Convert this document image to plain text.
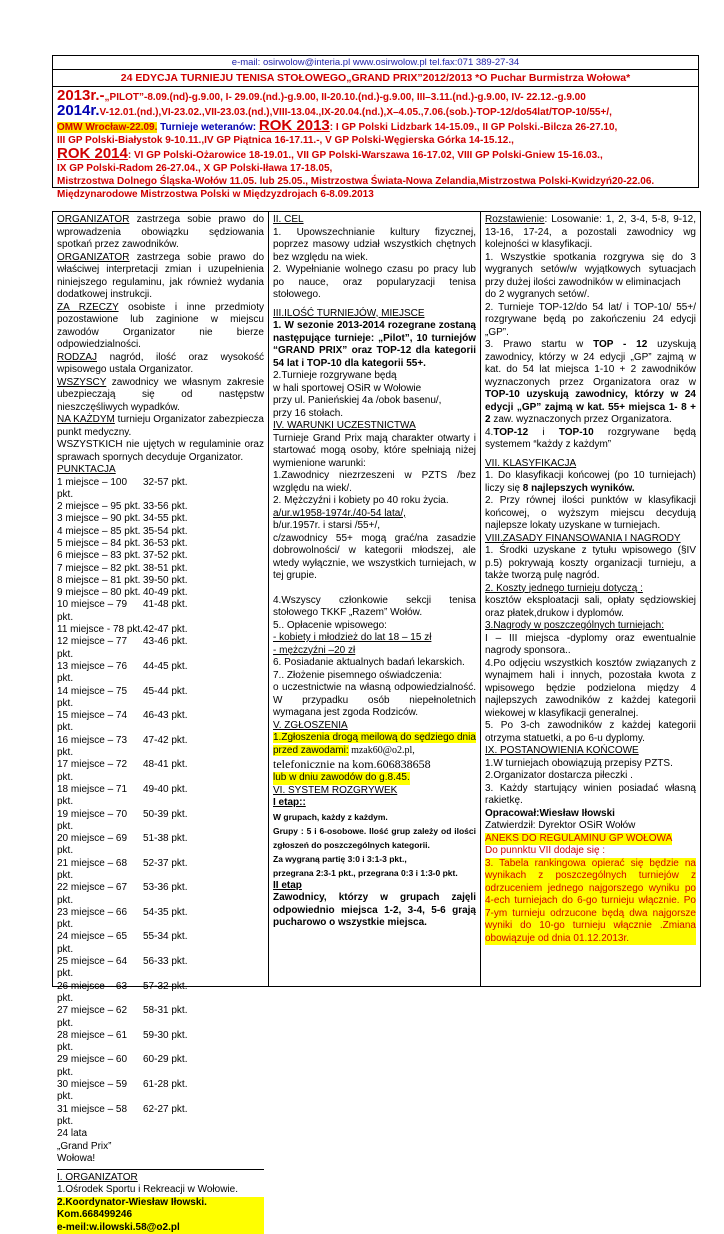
e-mail: osirwolow@interia.pl www.osirwolow.pl tel.fax:071 389-27-34
24 EDYCJA TURNIEJU TENISA STOŁOWEGO„GRAND PRIX”2012/2013 *O Puchar Burmistrza Wołowa*
2013r.-„PILOT”-8.09.(nd)-g.9.00, I- 29.09.(nd.)-g.9.00, II-20.10.(nd.)-g.9.00, III–3.11.(nd.)-g.9.00, IV- 22.12.-g.9.00
2014r.V-12.01.(nd.),VI-23.02.,VII-23.03.(nd.),VIII-13.04.,IX-20.04.(nd.),X–4.05.,7.06.(sob.)-TOP-12/do54lat/TOP-10/55+/,
OMW Wrocław-22.09. Turnieje weteranów: ROK 2013: I GP Polski Lidzbark 14-15.09., II GP Polski.-Bilcza 26-27.10,
III GP Polski-Białystok 9-10.11.,IV GP Piątnica 16-17.11.-, V GP Polski-Węgierska Górka 14-15.12.,
ROK 2014: VI GP Polski-Ożarowice 18-19.01., VII GP Polski-Warszawa 16-17.02, VIII GP Polski-Gniew 15-16.03.,
IX GP Polski-Radom 26-27.04., X GP Polski-Iława 17-18.05,
Mistrzostwa Dolnego Śląska-Wołów 11.05. lub 25.05., Mistrzostwa Świata-Nowa Zelandia,Mistrzostwa Polski-Kwidzyń20-22.06.
Międzynarodowe Mistrzostwa Polski w Międzyzdrojach 6-8.09.2013

ORGANIZATOR zastrzega sobie prawo do wprowadzenia obowiązku sędziowania spotkań przez zawodników.

ORGANIZATOR zastrzega sobie prawo do właściwej interpretacji zmian i uzupełnienia niniejszego regulaminu, jak również wydania dodatkowej instrukcji.

ZA RZECZY osobiste i inne przedmioty pozostawione lub zaginione w miejscu zawodów Organizator nie bierze odpowiedzialności.

RODZAJ nagród, ilość oraz wysokość wpisowego ustala Organizator.

WSZYSCY zawodnicy we własnym zakresie ubezpieczają się od następstw nieszczęśliwych wypadków.

NA KAŻDYM turnieju Organizator zabezpiecza punkt medyczny.

WSZYSTKICH nie ujętych w regulaminie oraz sprawach spornych decyduje Organizator.

PUNKTACJA
1 miejsce – 100 pkt.
32-57 pkt.
2 miejsce – 95 pkt. 33-56 pkt.
3 miejsce – 90 pkt. 34-55 pkt.
4 miejsce – 85 pkt. 35-54 pkt.
5 miejsce – 84 pkt. 36-53 pkt.
6 miejsce – 83 pkt. 37-52 pkt.
7 miejsce – 82 pkt. 38-51 pkt.
8 miejsce – 81 pkt. 39-50 pkt.
9 miejsce – 80 pkt. 40-49 pkt.
10 miejsce – 79 pkt.
41-48 pkt.
11 miejsce - 78 pkt. 42-47 pkt.
12 miejsce – 77 pkt.
43-46 pkt.
13 miejsce – 76 pkt.
44-45 pkt.
14 miejsce – 75 pkt.
45-44 pkt.
15 miejsce – 74 pkt.
46-43 pkt.
16 miejsce – 73 pkt.
47-42 pkt.
17 miejsce – 72 pkt.
48-41 pkt.
18 miejsce – 71 pkt.
49-40 pkt.
19 miejsce – 70 pkt.
50-39 pkt.
20 miejsce – 69 pkt.
51-38 pkt.
21 miejsce – 68 pkt.
52-37 pkt.
22 miejsce – 67 pkt.
53-36 pkt.
23 miejsce – 66 pkt.
54-35 pkt.
24 miejsce – 65 pkt.
55-34 pkt.
25 miejsce – 64 pkt.
56-33 pkt.
26 miejsce – 63 pkt.
57-32 pkt.
27 miejsce – 62 pkt.
58-31 pkt.
28 miejsce – 61 pkt.
59-30 pkt.
29 miejsce – 60 pkt.
60-29 pkt.
30 miejsce – 59 pkt.
61-28 pkt.
31 miejsce – 58 pkt.
62-27 pkt.
24 lata
„Grand Prix”
Wołowa!
I. ORGANIZATOR
1.Ośrodek Sportu i Rekreacji w Wołowie.
2.Koordynator-Wiesław Iłowski.
Kom.668499246
e-meil:w.ilowski.58@o2.pl
II. CEL

1. Upowszechnianie kultury fizycznej, poprzez masowy udział wszystkich chętnych bez względu na wiek.

2. Wypełnianie wolnego czasu po pracy lub po nauce, oraz popularyzacji tenisa stołowego.

III.ILOŚĆ TURNIEJÓW, MIEJSCE

1. W sezonie 2013-2014 rozegrane zostaną następujące turnieje: „Pilot”, 10 turniejów “GRAND PRIX” oraz TOP-12 dla kategorii 54 lat i TOP-10 dla kategorii 55+.

2.Turnieje rozgrywane będą
w hali sportowej OSiR w Wołowie
przy ul. Panieńskiej 4a /obok basenu/,
przy 16 stołach.
IV. WARUNKI UCZESTNICTWA

Turnieje Grand Prix mają charakter otwarty i startować mogą osoby, które spełniają niżej wymienione warunki:

1.Zawodnicy niezrzeszeni w PZTS /bez względu na wiek/.

2. Mężczyźni i kobiety po 40 roku życia.

a/ur.w1958-1974r./40-54 lata/,
b/ur.1957r. i starsi /55+/,

c/zawodnicy 55+ mogą grać/na zasadzie dobrowolności/ w kategorii młodszej, ale wtedy wyłącznie, we wszystkich turniejach, w tej grupie.

4.Wszyscy członkowie sekcji tenisa stołowego TKKF „Razem” Wołów.

5.. Opłacenie wpisowego:
- kobiety i młodzież do lat 18 – 15 zł
- mężczyźni –20 zł
6. Posiadanie aktualnych badań lekarskich.
7.. Złożenie pisemnego oświadczenia:

o uczestnictwie na własną odpowiedzialność. W przypadku osób niepełnoletnich wymagana jest zgoda Rodziców.

V. ZGŁOSZENIA
1.Zgłoszenia drogą meilową do sędziego dnia przed zawodami: mzak60@o2.pl,
telefonicznie na kom.606838658
lub w dniu zawodów do g.8.45.
VI. SYSTEM ROZGRYWEK
I etap::
W grupach, każdy z każdym.

Grupy : 5 i 6-osobowe. Ilość grup zależy od ilości zgłoszeń do poszczególnych kategorii.

Za wygraną partię 3:0 i 3:1-3 pkt.,
przegrana 2:3-1 pkt., przegrana 0:3 i 1:3-0 pkt.
II etap

Zawodnicy, którzy w grupach zajęli odpowiednio miejsca 1-2, 3-4, 5-6 grają pucharowo o wszystkie miejsca.

Rozstawienie: Losowanie: 1, 2, 3-4, 5-8, 9-12, 13-16, 17-24, a pozostali zawodnicy wg kolejności w klasyfikacji.

1. Wszystkie spotkania rozgrywa się do 3 wygranych setów/w wyjątkowych sytuacjach przy dużej ilości zawodników w eliminacjach

do 2 wygranych setów/.

2. Turnieje TOP-12/do 54 lat/ i TOP-10/ 55+/ rozgrywane będą po zakończeniu 24 edycji „GP”.

3. Prawo startu w TOP - 12 uzyskują zawodnicy, którzy w 24 edycji „GP” zajmą w kat. do 54 lat miejsca 1-10 + 2 zawodników wyznaczonych przez Organizatora oraz w TOP-10 uzyskują zawodnicy, którzy w 24 edycji „GP” zajmą w kat. 55+ miejsca 1- 8 + 2 zaw. wyznaczonych przez Organizatora.

4.TOP-12 i TOP-10 rozgrywane będą systemem “każdy z każdym”

VII. KLASYFIKACJA

1. Do klasyfikacji końcowej (po 10 turniejach) liczy się 8 najlepszych wyników.

2. Przy równej ilości punktów w klasyfikacji końcowej, o wyższym miejscu decydują najlepsze lokaty uzyskane w turniejach.

VIII.ZASADY FINANSOWANIA I NAGRODY

1. Środki uzyskane z tytułu wpisowego (§IV p.5) pokrywają koszty organizacji turnieju, a także tworzą pulę nagród.

2. Koszty jednego turnieju dotyczą :

kosztów eksploatacji sali, opłaty sędziowskiej oraz płatek,drukow i dyplomów.

3.Nagrody w poszczególnych turniejach:

I – III miejsca -dyplomy oraz ewentualnie nagrody sponsora..

4.Po odjęciu wszystkich kosztów związanych z wynajmem hali i innych, pozostała kwota z wpisowego będzie podzielona między 4 najlepszych zawodników z każdej kategorii wiekowej w klasyfikacji generalnej.

5. Po 3-ch zawodników z każdej kategorii otrzyma statuetki, a po 6-u dyplomy.

IX. POSTANOWIENIA KOŃCOWE
1.W turniejach obowiązują przepisy PZTS.
2.Organizator dostarcza piłeczki .

3. Każdy startujący winien posiadać własną rakietkę.

Opracował:Wiesław Iłowski
Zatwierdził: Dyrektor OSiR Wołów
ANEKS DO REGULAMINU GP WOŁOWA
Do punnktu VII dodaje się :

3. Tabela rankingowa opierać się będzie na wynikach z poszczególnych turniejów z odrzuceniem jednego najgorszego wyniku po 4-ech turniejach do 6-go turnieju włącznie. Po 7-ym turnieju odrzucone będą dwa najgorsze wyniki do 10-go turnieju włącznie .Zmiana obowiązuje od dnia 01.12.2013r.
